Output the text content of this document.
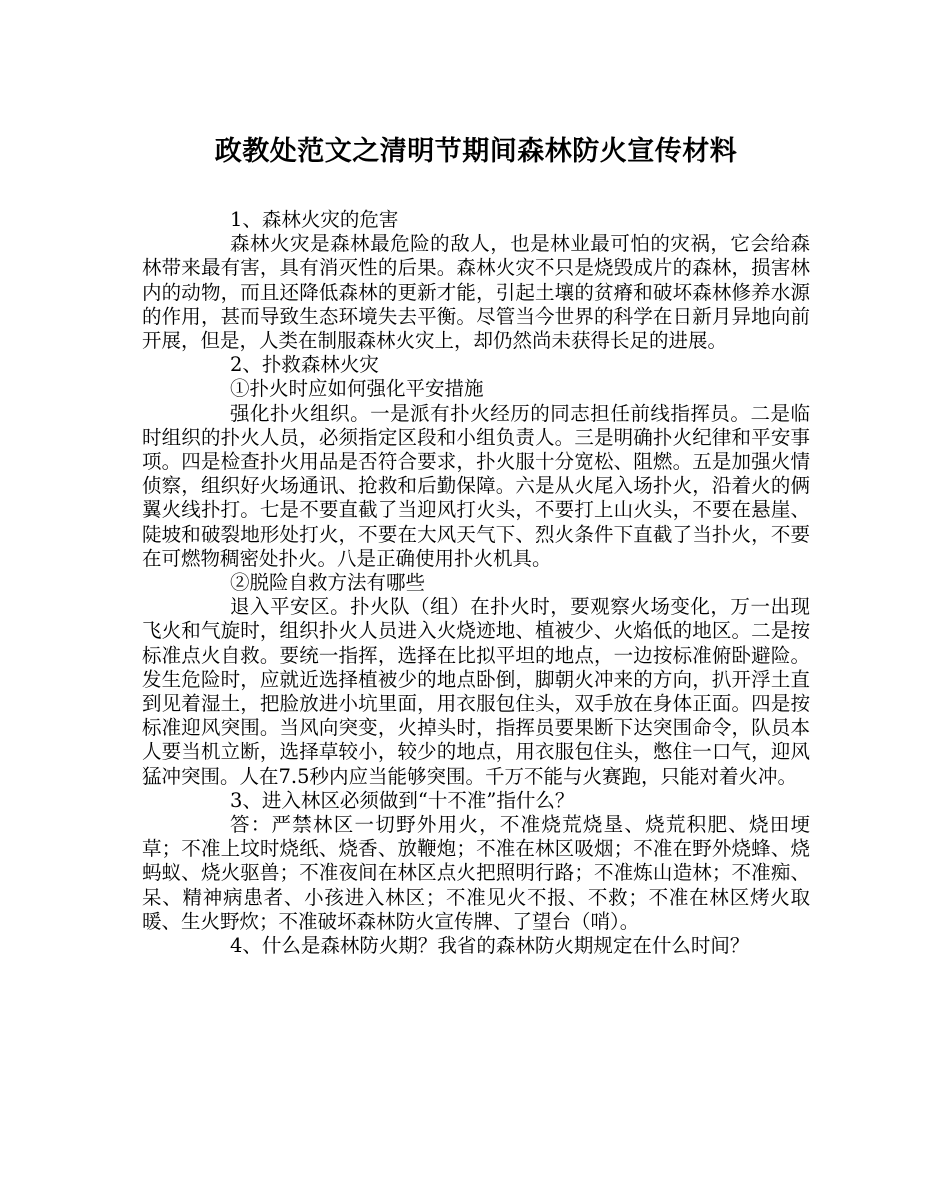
政教处范文之清明节期间森林防火宣传材料

1、森林火灾的危害

森林火灾是森林最危险的敌人，也是林业最可怕的灾祸，它会给森林带来最有害，具有消灭性的后果。森林火灾不只是烧毁成片的森林，损害林内的动物，而且还降低森林的更新才能，引起土壤的贫瘠和破坏森林修养水源的作用，甚而导致生态环境失去平衡。尽管当今世界的科学在日新月异地向前开展，但是，人类在制服森林火灾上，却仍然尚未获得长足的进展。

2、扑救森林火灾

①扑火时应如何强化平安措施

强化扑火组织。一是派有扑火经历的同志担任前线指挥员。二是临时组织的扑火人员，必须指定区段和小组负责人。三是明确扑火纪律和平安事项。四是检查扑火用品是否符合要求，扑火服十分宽松、阻燃。五是加强火情侦察，组织好火场通讯、抢救和后勤保障。六是从火尾入场扑火，沿着火的俩翼火线扑打。七是不要直截了当迎风打火头，不要打上山火头，不要在悬崖、陡坡和破裂地形处打火，不要在大风天气下、烈火条件下直截了当扑火，不要在可燃物稠密处扑火。八是正确使用扑火机具。

②脱险自救方法有哪些

退入平安区。扑火队（组）在扑火时，要观察火场变化，万一出现飞火和气旋时，组织扑火人员进入火烧迹地、植被少、火焰低的地区。二是按标准点火自救。要统一指挥，选择在比拟平坦的地点，一边按标准俯卧避险。发生危险时，应就近选择植被少的地点卧倒，脚朝火冲来的方向，扒开浮土直到见着湿土，把脸放进小坑里面，用衣服包住头，双手放在身体正面。四是按标准迎风突围。当风向突变，火掉头时，指挥员要果断下达突围命令，队员本人要当机立断，选择草较小，较少的地点，用衣服包住头，憋住一口气，迎风猛冲突围。人在7.5秒内应当能够突围。千万不能与火赛跑，只能对着火冲。

3、进入林区必须做到“十不准”指什么？

答：严禁林区一切野外用火，不准烧荒烧垦、烧荒积肥、烧田埂草；不准上坟时烧纸、烧香、放鞭炮；不准在林区吸烟；不准在野外烧蜂、烧蚂蚁、烧火驱兽；不准夜间在林区点火把照明行路；不准炼山造林；不准痴、呆、精神病患者、小孩进入林区；不准见火不报、不救；不准在林区烤火取暖、生火野炊；不准破坏森林防火宣传牌、了望台（哨）。

4、什么是森林防火期？我省的森林防火期规定在什么时间？
